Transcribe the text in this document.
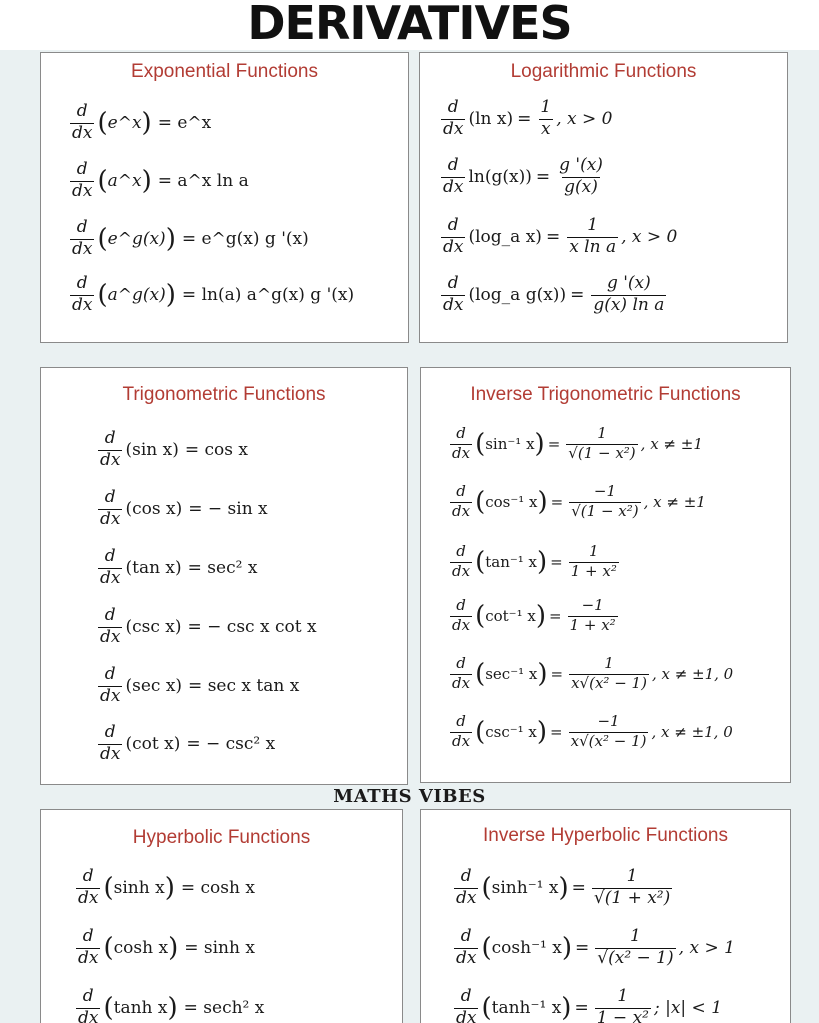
DERIVATIVES
Exponential Functions
$\frac{d}{dx}$ ( e^x ) = e^x
$\frac{d}{dx}$ ( a^x ) = a^x ln a
$\frac{d}{dx}$ ( e^g(x) ) = e^g(x) g '(x)
$\frac{d}{dx}$ ( a^g(x) ) = ln(a) a^g(x) g '(x)
Logarithmic Functions
$\frac{d}{dx} (\ln$ $x) = \frac{1}{x}$ , x > 0
$\frac{d}{dx} \ln(g(x)) = \frac{g '(x)}{g(x)}$
$\frac{d}{dx}$ (log_a $x) = \frac{1}{\text{x ln a}}$ , x > 0
$\frac{d}{dx}$ (log_a $g(x)) = \frac{g '(x)}{\text{g(x) ln a}}$
Trigonometric Functions
$\frac{d}{dx} (\sin$ x) = cos x
$\frac{d}{dx} (\cos$ x) = − sin x
$\frac{d}{dx} (\tan$ x) = sec² x
$\frac{d}{dx} (\csc$ x) = − csc x cot x
$\frac{d}{dx} (\sec$ x) = sec x tan x
$\frac{d}{dx} (\cot$ x) = − csc² x
Inverse Trigonometric Functions
$\frac{d}{dx}$ ( sin⁻¹ x ) = $\frac{1}{\text{√(1 − x²)}}$ , x ≠ ±1
$\frac{d}{dx}$ ( cos⁻¹ x ) = $\frac{-1}{\text{√(1 − x²)}}$ , x ≠ ±1
$\frac{d}{dx}$ ( tan⁻¹ x ) = $\frac{1}{\text{1 + x²}}$
$\frac{d}{dx}$ ( cot⁻¹ x ) = $\frac{-1}{\text{1 + x²}}$
$\frac{d}{dx}$ ( sec⁻¹ x ) = $\frac{1}{\text{x√(x² − 1)}}$ , x ≠ ±1, 0
$\frac{d}{dx}$ ( csc⁻¹ x ) = $\frac{-1}{\text{x√(x² − 1)}}$ , x ≠ ±1, 0
MATHS VIBES
Hyperbolic Functions
$\frac{d}{dx}$ ( sinh x ) = cosh x
$\frac{d}{dx}$ ( cosh x ) = sinh x
$\frac{d}{dx}$ ( tanh x ) = sech² x
Inverse Hyperbolic Functions
$\frac{d}{dx}$ ( sinh⁻¹ x ) = $\frac{1}{\text{√(1 + x²)}}$
$\frac{d}{dx}$ ( cosh⁻¹ x ) = $\frac{1}{\text{√(x² − 1)}}$ , x > 1
$\frac{d}{dx}$ ( tanh⁻¹ x ) = $\frac{1}{\text{1 − x²}}$ ; |x| < 1
